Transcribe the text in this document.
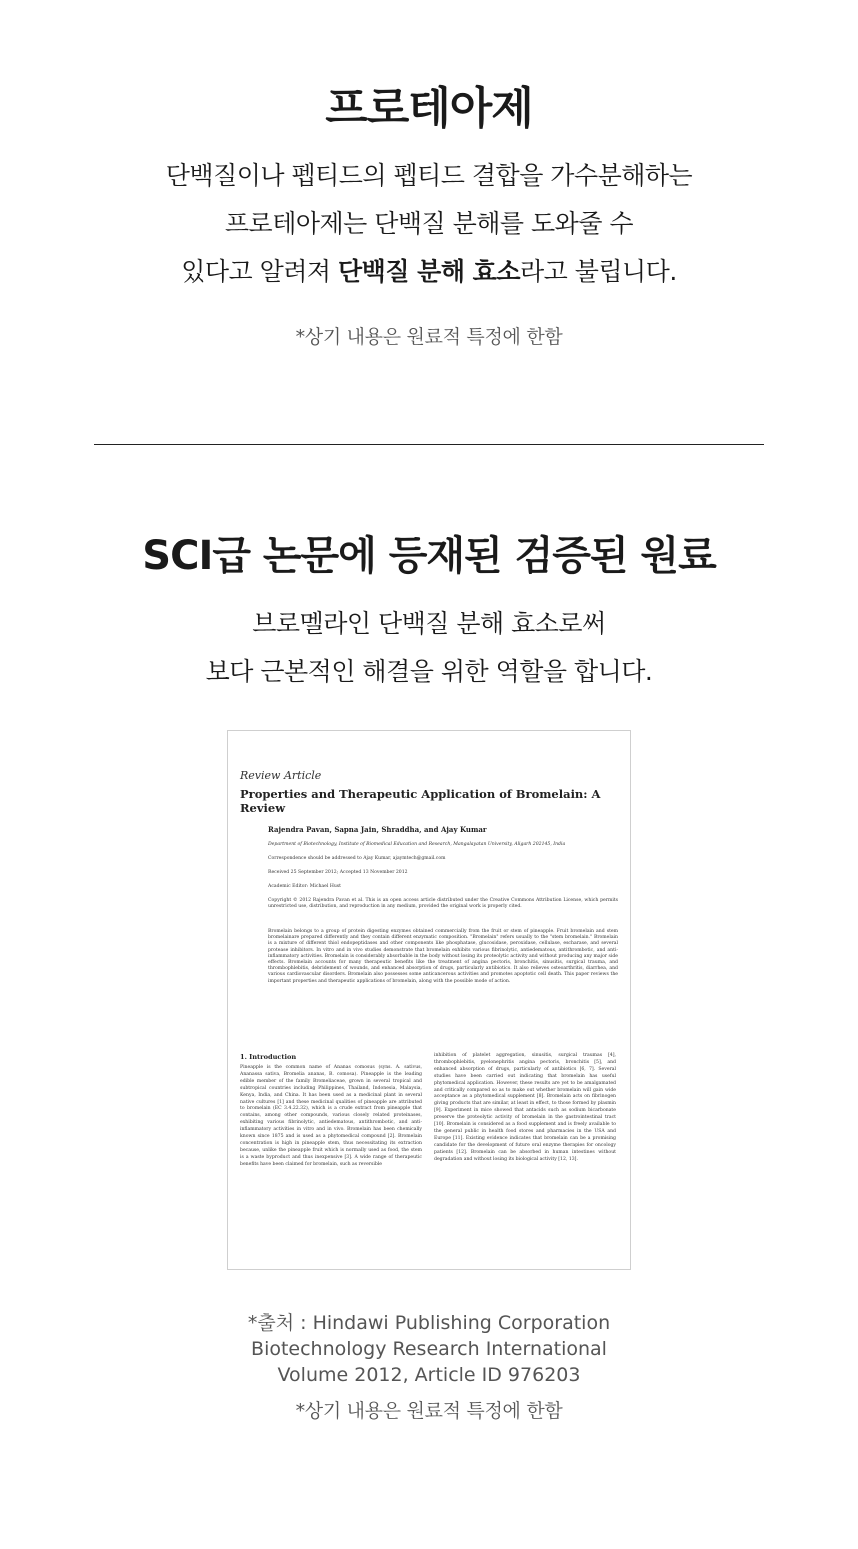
프로테아제
단백질이나 펩티드의 펩티드 결합을 가수분해하는
프로테아제는 단백질 분해를 도와줄 수
있다고 알려져 단백질 분해 효소라고 불립니다.

*상기 내용은 원료적 특정에 한함

SCI급 논문에 등재된 검증된 원료
브로멜라인 단백질 분해 효소로써
보다 근본적인 해결을 위한 역할을 합니다.
Review Article
Properties and Therapeutic Application of Bromelain: A Review
Rajendra Pavan, Sapna Jain, Shraddha, and Ajay Kumar
Department of Biotechnology, Institute of Biomedical Education and Research, Mangalayatan University, Aligarh 202145, India
Correspondence should be addressed to Ajay Kumar, ajaymtech@gmail.com
Received 25 September 2012; Accepted 13 November 2012
Academic Editor: Michael Hust
Copyright © 2012 Rajendra Pavan et al. This is an open access article distributed under the Creative Commons Attribution License, which permits unrestricted use, distribution, and reproduction in any medium, provided the original work is properly cited.
Bromelain belongs to a group of protein digesting enzymes obtained commercially from the fruit or stem of pineapple. Fruit bromelain and stem bromelainare prepared differently and they contain different enzymatic composition. "Bromelain" refers usually to the "stem bromelain." Bromelain is a mixture of different thiol endopeptidases and other components like phosphatase, glucosidase, peroxidase, cellulase, escharase, and several protease inhibitors. In vitro and in vivo studies demonstrate that bromelain exhibits various fibrinolytic, antiedematous, antithrombotic, and anti-inflammatory activities. Bromelain is considerably absorbable in the body without losing its proteolytic activity and without producing any major side effects. Bromelain accounts for many therapeutic benefits like the treatment of angina pectoris, bronchitis, sinusitis, surgical trauma, and thrombophlebitis, debridement of wounds, and enhanced absorption of drugs, particularly antibiotics. It also relieves osteoarthritis, diarrhea, and various cardiovascular disorders. Bromelain also possesses some anticancerous activities and promotes apoptotic cell death. This paper reviews the important properties and therapeutic applications of bromelain, along with the possible mode of action.
1. Introduction
Pineapple is the common name of Ananas comosus (syns. A. sativus, Ananassa sativa, Bromelia ananas, B. comosa). Pineapple is the leading edible member of the family Bromeliaceae, grown in several tropical and subtropical countries including Philippines, Thailand, Indonesia, Malaysia, Kenya, India, and China. It has been used as a medicinal plant in several native cultures [1] and these medicinal qualities of pineapple are attributed to bromelain (EC 3.4.22.32), which is a crude extract from pineapple that contains, among other compounds, various closely related proteinases, exhibiting various fibrinolytic, antiedematous, antithrombotic, and anti-inflammatory activities in vitro and in vivo. Bromelain has been chemically known since 1875 and is used as a phytomedical compound [2]. Bromelain concentration is high in pineapple stem, thus necessitating its extraction because, unlike the pineapple fruit which is normally used as food, the stem is a waste byproduct and thus inexpensive [3]. A wide range of therapeutic benefits have been claimed for bromelain, such as reversible
inhibition of platelet aggregation, sinusitis, surgical traumas [4], thrombophlebitis, pyelonephritis angina pectoris, bronchitis [5], and enhanced absorption of drugs, particularly of antibiotics [6, 7]. Several studies have been carried out indicating that bromelain has useful phytomedical application. However, these results are yet to be amalgamated and critically compared so as to make out whether bromelain will gain wide acceptance as a phytomedical supplement [8]. Bromelain acts on fibrinogen giving products that are similar, at least in effect, to those formed by plasmin [9]. Experiment in mice showed that antacids such as sodium bicarbonate preserve the proteolytic activity of bromelain in the gastrointestinal tract [10]. Bromelain is considered as a food supplement and is freely available to the general public in health food stores and pharmacies in the USA and Europe [11]. Existing evidence indicates that bromelain can be a promising candidate for the development of future oral enzyme therapies for oncology patients [12]. Bromelain can be absorbed in human intestines without degradation and without losing its biological activity [12, 13].
*출처 : Hindawi Publishing Corporation
Biotechnology Research International
Volume 2012, Article ID 976203

*상기 내용은 원료적 특정에 한함
